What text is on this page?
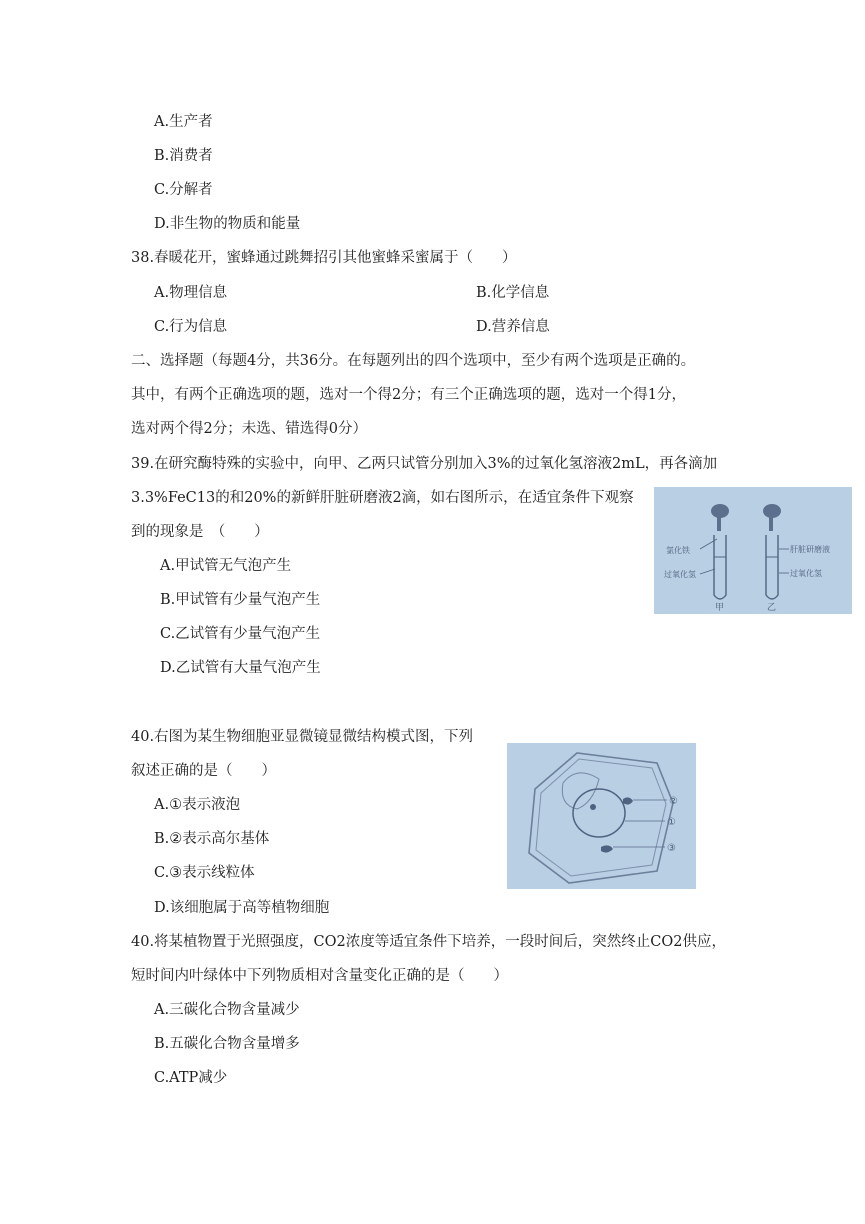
A.生产者
B.消费者
C.分解者
D.非生物的物质和能量
38.春暖花开，蜜蜂通过跳舞招引其他蜜蜂采蜜属于（　　）
A.物理信息	B.化学信息
C.行为信息	D.营养信息
二、选择题（每题4分，共36分。在每题列出的四个选项中，至少有两个选项是正确的。
其中，有两个正确选项的题，选对一个得2分；有三个正确选项的题，选对一个得1分，
选对两个得2分；未选、错选得0分）
39.在研究酶特殊的实验中，向甲、乙两只试管分别加入3%的过氧化氢溶液2mL，再各滴加
3.3%FeC13的和20%的新鲜肝脏研磨液2滴，如右图所示，在适宜条件下观察
到的现象是　（　　）
A.甲试管无气泡产生
B.甲试管有少量气泡产生
C.乙试管有少量气泡产生
D.乙试管有大量气泡产生
氯化铁
过氧化氢
肝脏研磨液
过氧化氢
甲	乙
40.右图为某生物细胞亚显微镜显微结构模式图，下列
叙述正确的是（　　）
A.①表示液泡
B.②表示高尔基体
C.③表示线粒体
D.该细胞属于高等植物细胞
②
①
③
40.将某植物置于光照强度，CO2浓度等适宜条件下培养，一段时间后，突然终止CO2供应，
短时间内叶绿体中下列物质相对含量变化正确的是（　　）
A.三碳化合物含量减少
B.五碳化合物含量增多
C.ATP减少
